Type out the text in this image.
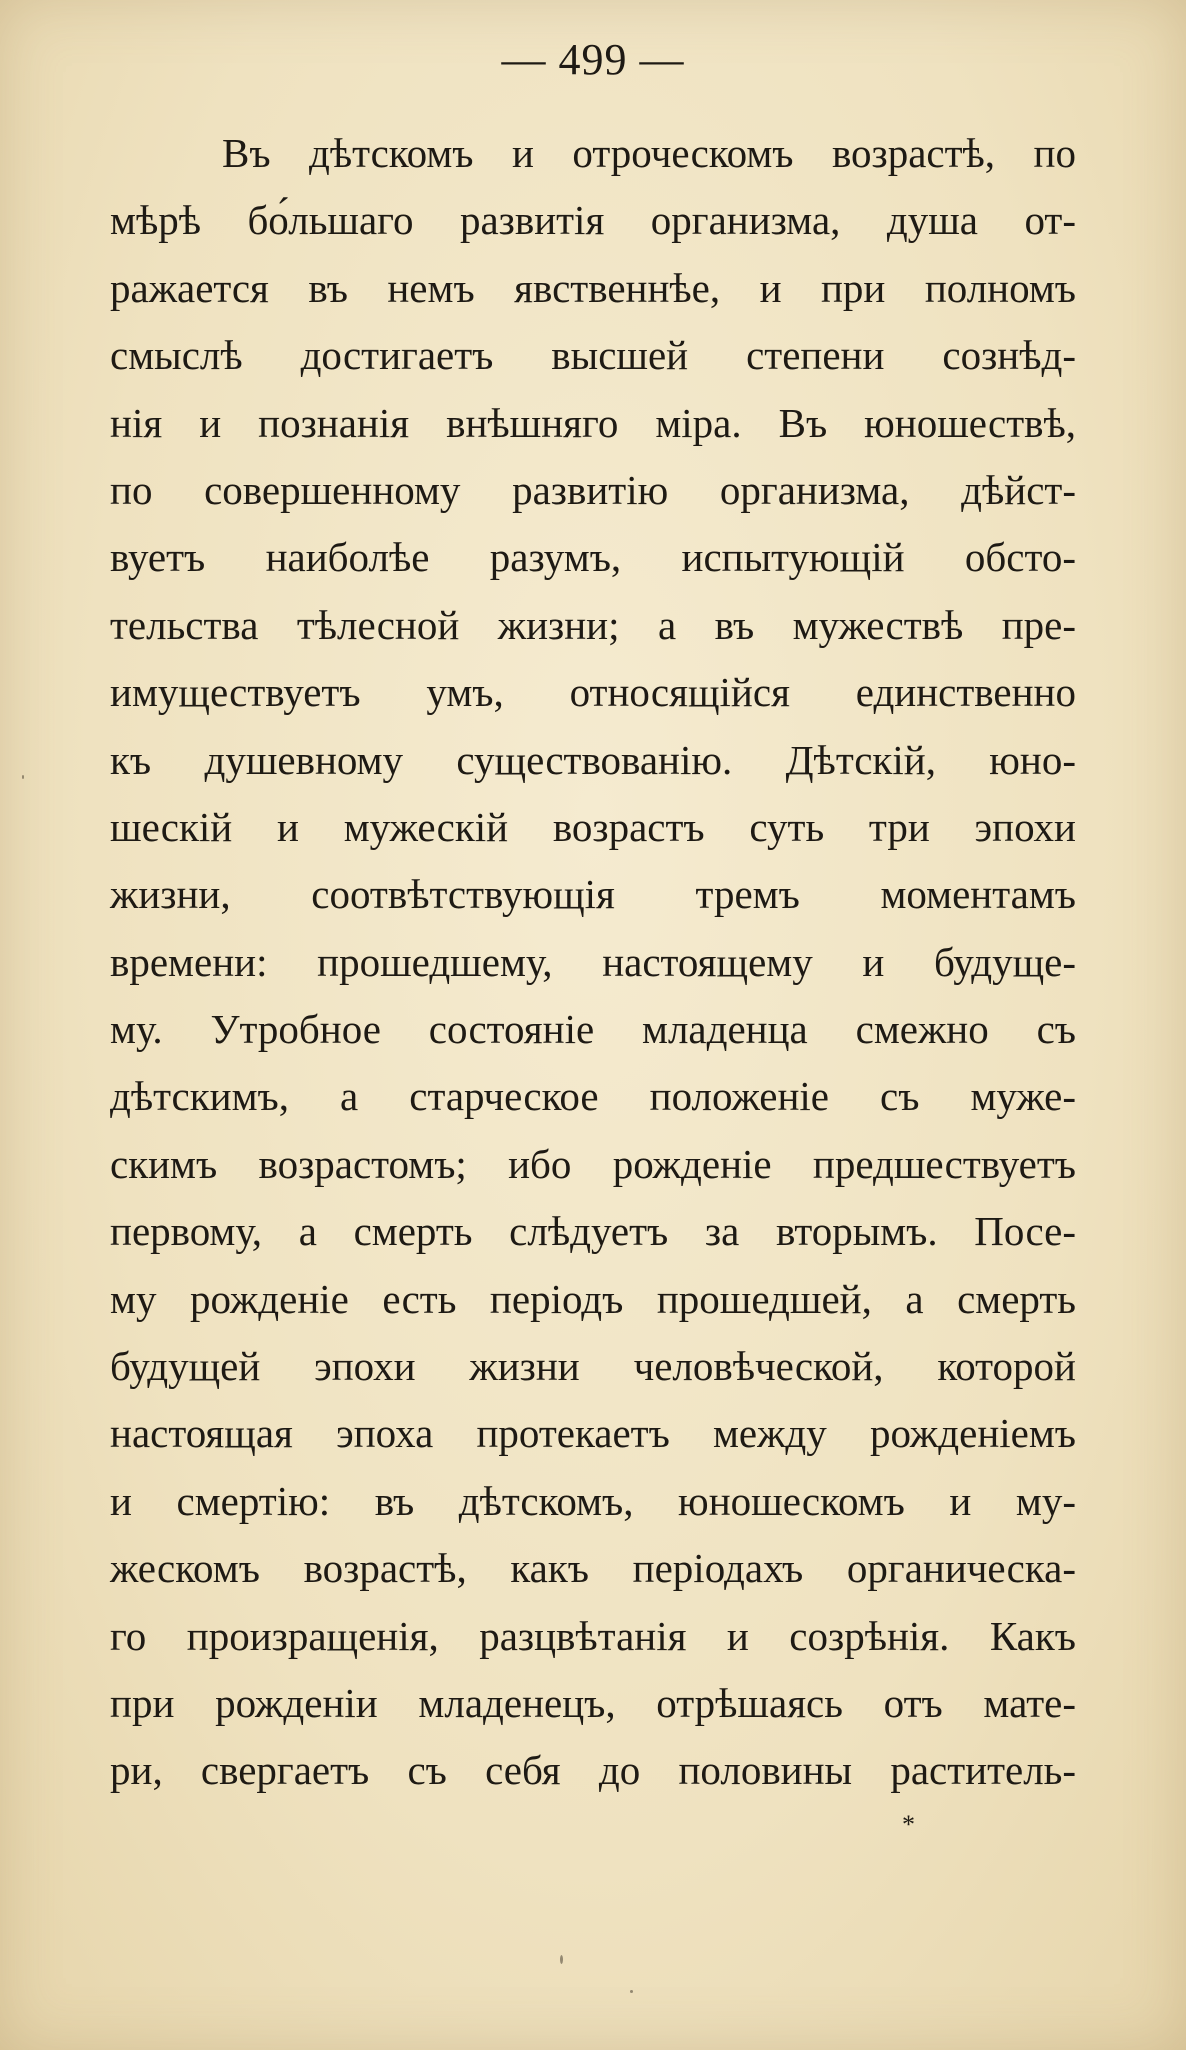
— 499 —
Въ дѣтскомъ и отроческомъ возрастѣ, по
мѣрѣ бо́льшаго развитія организма, душа от-
ражается въ немъ явственнѣе, и при полномъ
смыслѣ достигаетъ высшей степени сознѣд-
нія и познанія внѣшняго міра. Въ юношествѣ,
по совершенному развитію организма, дѣйст-
вуетъ наиболѣе разумъ, испытующій обсто-
тельства тѣлесной жизни; а въ мужествѣ пре-
имуществуетъ умъ, относящійся единственно
къ душевному существованію. Дѣтскій, юно-
шескій и мужескій возрастъ суть три эпохи
жизни, соотвѣтствующія тремъ моментамъ
времени: прошедшему, настоящему и будуще-
му. Утробное состояніе младенца смежно съ
дѣтскимъ, а старческое положеніе съ муже-
скимъ возрастомъ; ибо рожденіе предшествуетъ
первому, а смерть слѣдуетъ за вторымъ. Посе-
му рожденіе есть періодъ прошедшей, а смерть
будущей эпохи жизни человѣческой, которой
настоящая эпоха протекаетъ между рожденіемъ
и смертію: въ дѣтскомъ, юношескомъ и му-
жескомъ возрастѣ, какъ періодахъ органическа-
го произращенія, разцвѣтанія и созрѣнія. Какъ
при рожденіи младенецъ, отрѣшаясь отъ мате-
ри, свергаетъ съ себя до половины раститель-
*
